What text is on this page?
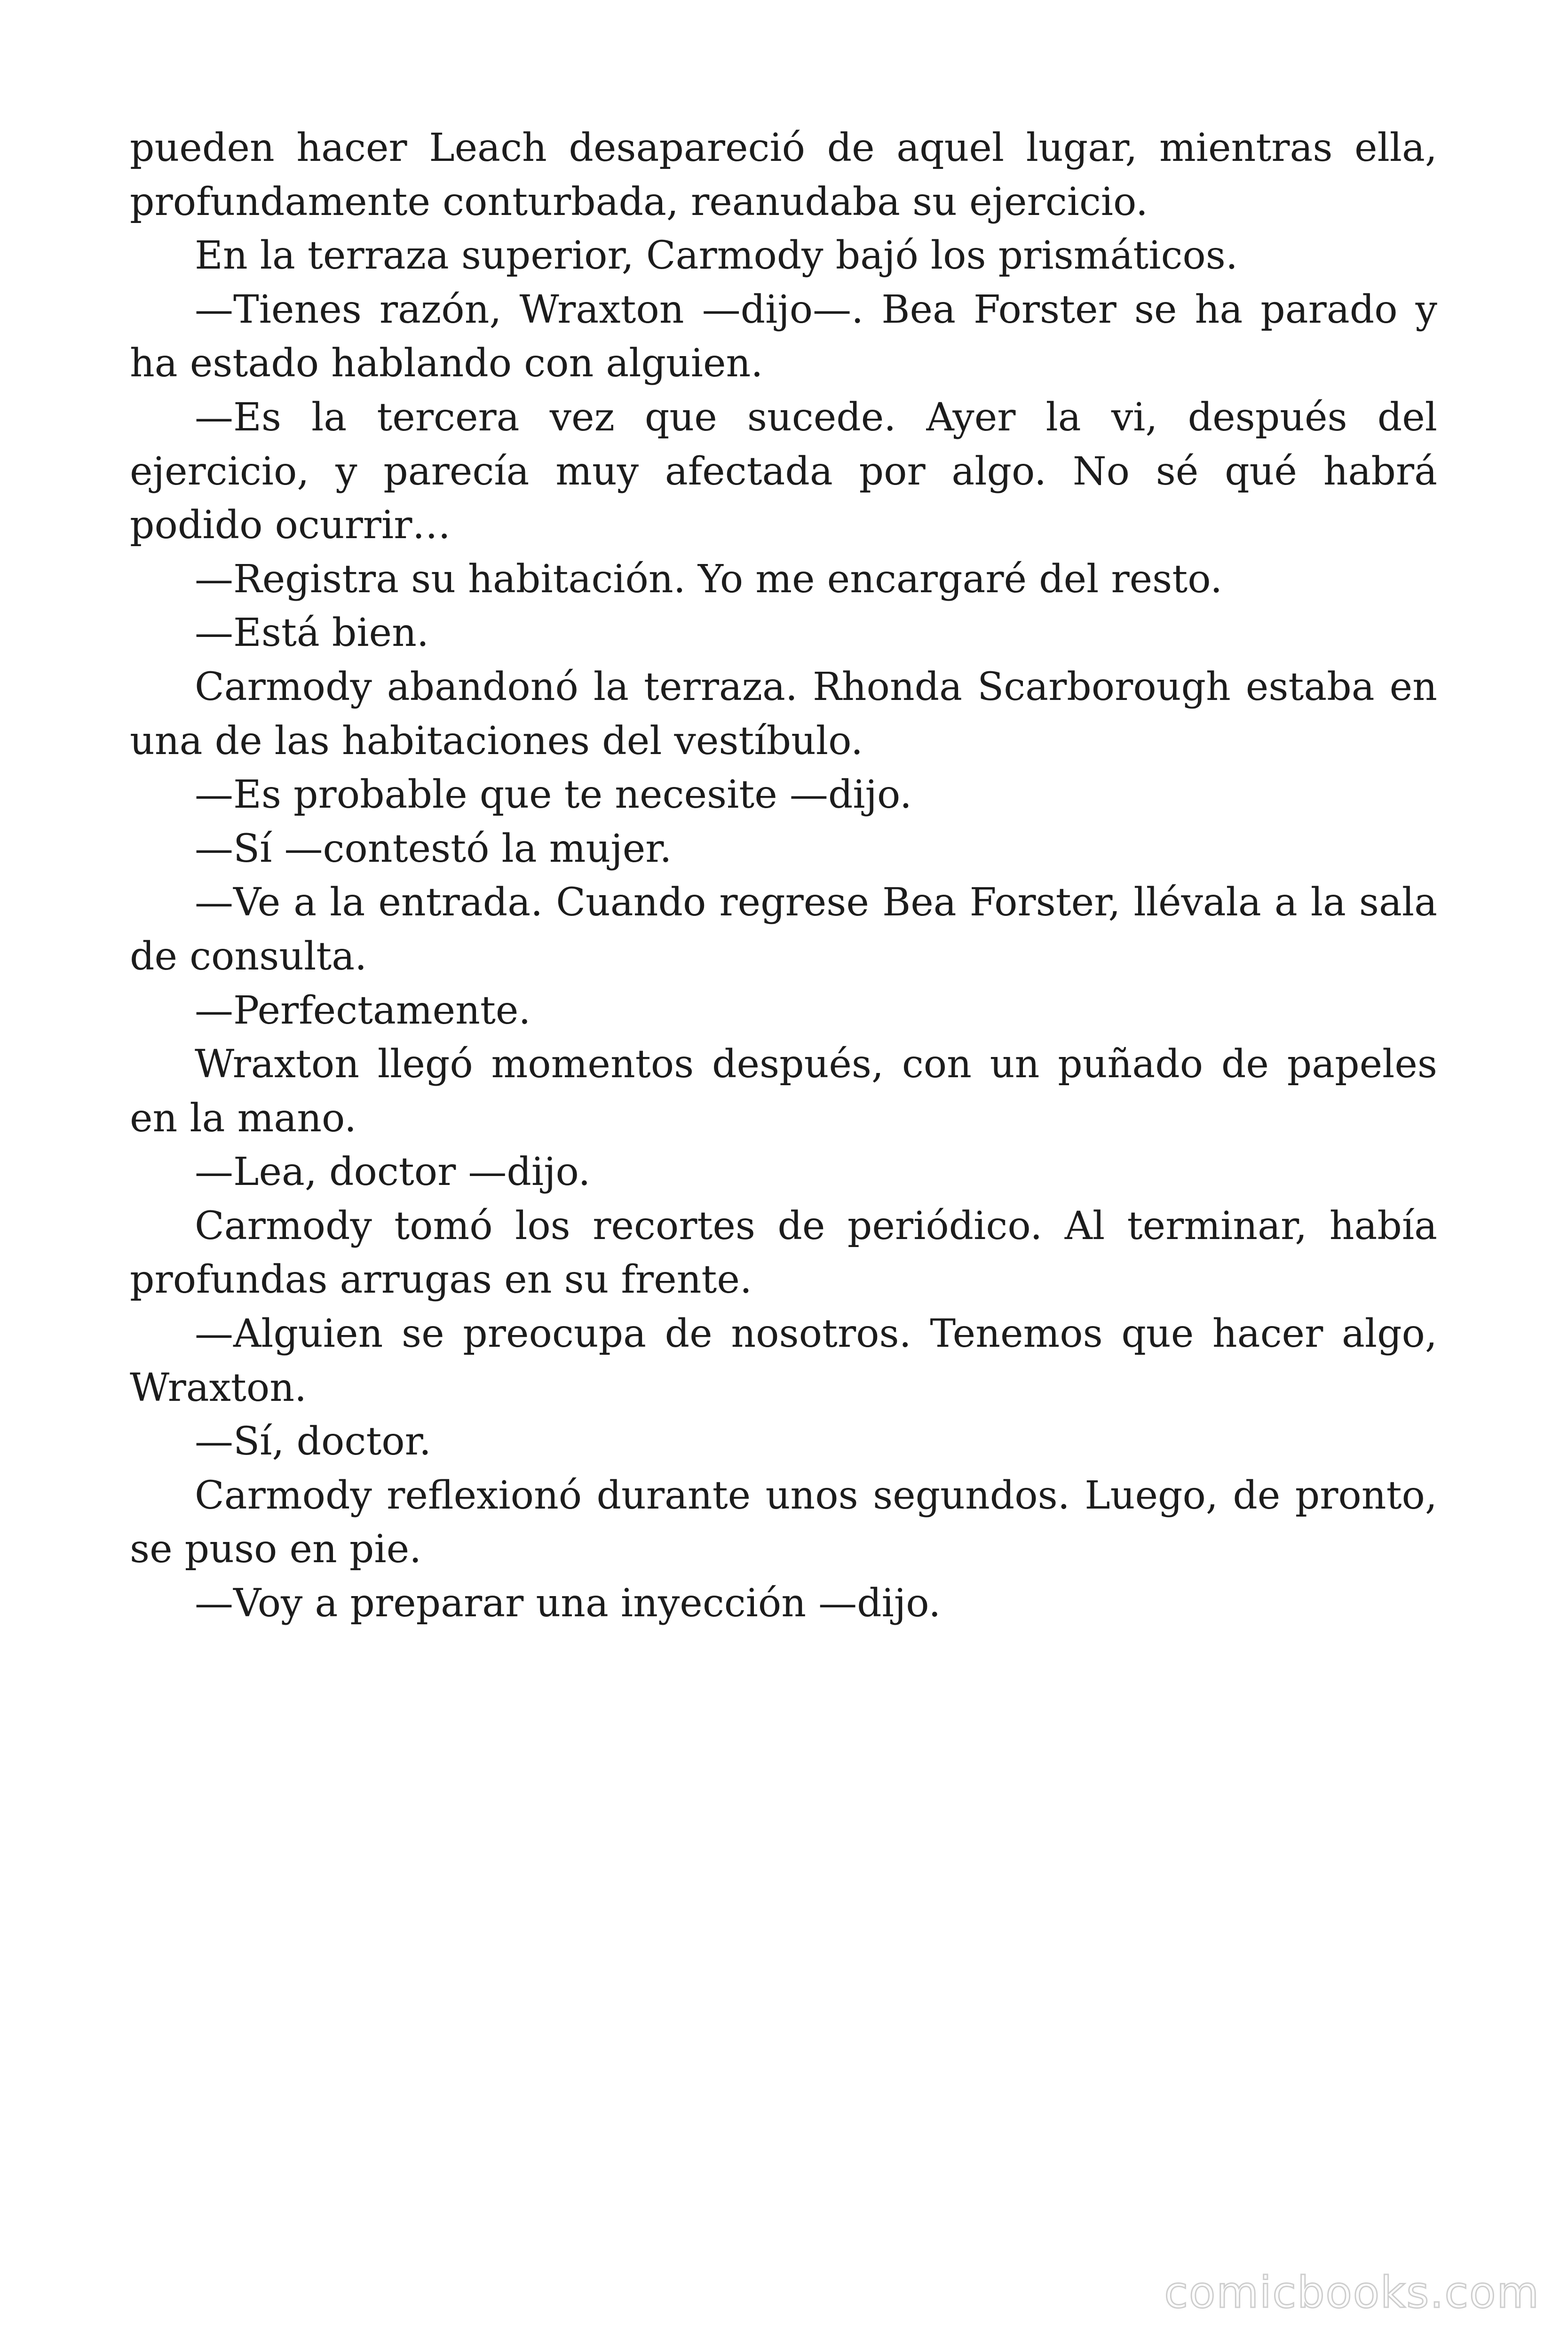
pueden hacer Leach desapareció de aquel lugar, mientras ella, profundamente conturbada, reanudaba su ejercicio.

En la terraza superior, Carmody bajó los prismáticos.

—Tienes razón, Wraxton —dijo—. Bea Forster se ha parado y ha estado hablando con alguien.

—Es la tercera vez que sucede. Ayer la vi, después del ejercicio, y parecía muy afectada por algo. No sé qué habrá podido ocurrir…

—Registra su habitación. Yo me encargaré del resto.

—Está bien.

Carmody abandonó la terraza. Rhonda Scarborough estaba en una de las habitaciones del vestíbulo.

—Es probable que te necesite —dijo.

—Sí —contestó la mujer.

—Ve a la entrada. Cuando regrese Bea Forster, llévala a la sala de consulta.

—Perfectamente.

Wraxton llegó momentos después, con un puñado de papeles en la mano.

—Lea, doctor —dijo.

Carmody tomó los recortes de periódico. Al terminar, había profundas arrugas en su frente.

—Alguien se preocupa de nosotros. Tenemos que hacer algo, Wraxton.

—Sí, doctor.

Carmody reflexionó durante unos segundos. Luego, de pronto, se puso en pie.

—Voy a preparar una inyección —dijo.

comicbooks.com
